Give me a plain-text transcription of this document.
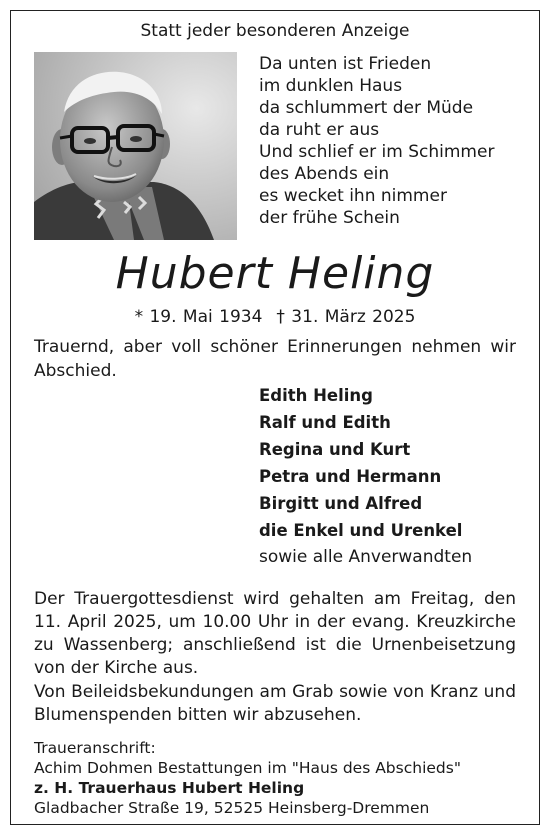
Statt jeder besonderen Anzeige
Da unten ist Frieden
im dunklen Haus
da schlummert der Müde
da ruht er aus
Und schlief er im Schimmer
des Abends ein
es wecket ihn nimmer
der frühe Schein
Hubert Heling
* 19. Mai 1934 † 31. März 2025
Trauernd, aber voll schöner Erinnerungen nehmen wir Abschied.
Edith Heling
Ralf und Edith
Regina und Kurt
Petra und Hermann
Birgitt und Alfred
die Enkel und Urenkel
sowie alle Anverwandten
Der Trauergottesdienst wird gehalten am Freitag, den 11. April 2025, um 10.00 Uhr in der evang. Kreuzkirche zu Wassenberg; anschließend ist die Urnenbeisetzung von der Kirche aus.
Von Beileidsbekundungen am Grab sowie von Kranz und Blumenspenden bitten wir abzusehen.
Traueranschrift:
Achim Dohmen Bestattungen im "Haus des Abschieds"
z. H. Trauerhaus Hubert Heling
Gladbacher Straße 19, 52525 Heinsberg-Dremmen
